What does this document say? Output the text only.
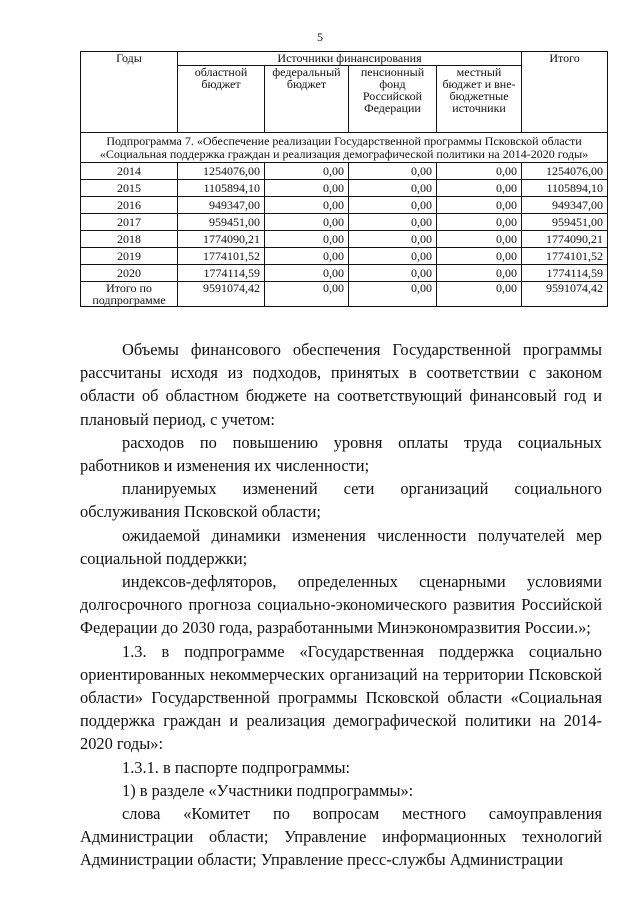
5
Годы	Источники финансирования				Итого
	областной бюджет	федеральный бюджет	пенсионный фонд Российской Федерации	местный бюджет и вне-бюджетные источники	
Подпрограмма 7. «Обеспечение реализации Государственной программы Псковской области «Социальная поддержка граждан и реализация демографической политики на 2014-2020 годы»					
2014	1254076,00	0,00	0,00	0,00	1254076,00
2015	1105894,10	0,00	0,00	0,00	1105894,10
2016	949347,00	0,00	0,00	0,00	949347,00
2017	959451,00	0,00	0,00	0,00	959451,00
2018	1774090,21	0,00	0,00	0,00	1774090,21
2019	1774101,52	0,00	0,00	0,00	1774101,52
2020	1774114,59	0,00	0,00	0,00	1774114,59
Итого по подпрограмме	9591074,42	0,00	0,00	0,00	9591074,42

Объемы финансового обеспечения Государственной программы рассчитаны исходя из подходов, принятых в соответствии с законом области об областном бюджете на соответствующий финансовый год и плановый период, с учетом:

расходов по повышению уровня оплаты труда социальных работников и изменения их численности;

планируемых изменений сети организаций социального обслуживания Псковской области;

ожидаемой динамики изменения численности получателей мер социальной поддержки;

индексов-дефляторов, определенных сценарными условиями долгосрочного прогноза социально-экономического развития Российской Федерации до 2030 года, разработанными Минэкономразвития России.»;

1.3. в подпрограмме «Государственная поддержка социально ориентированных некоммерческих организаций на территории Псковской области» Государственной программы Псковской области «Социальная поддержка граждан и реализация демографической политики на 2014-2020 годы»:

1.3.1. в паспорте подпрограммы:

1) в разделе «Участники подпрограммы»:

слова «Комитет по вопросам местного самоуправления Администрации области; Управление информационных технологий Администрации области; Управление пресс-службы Администрации
